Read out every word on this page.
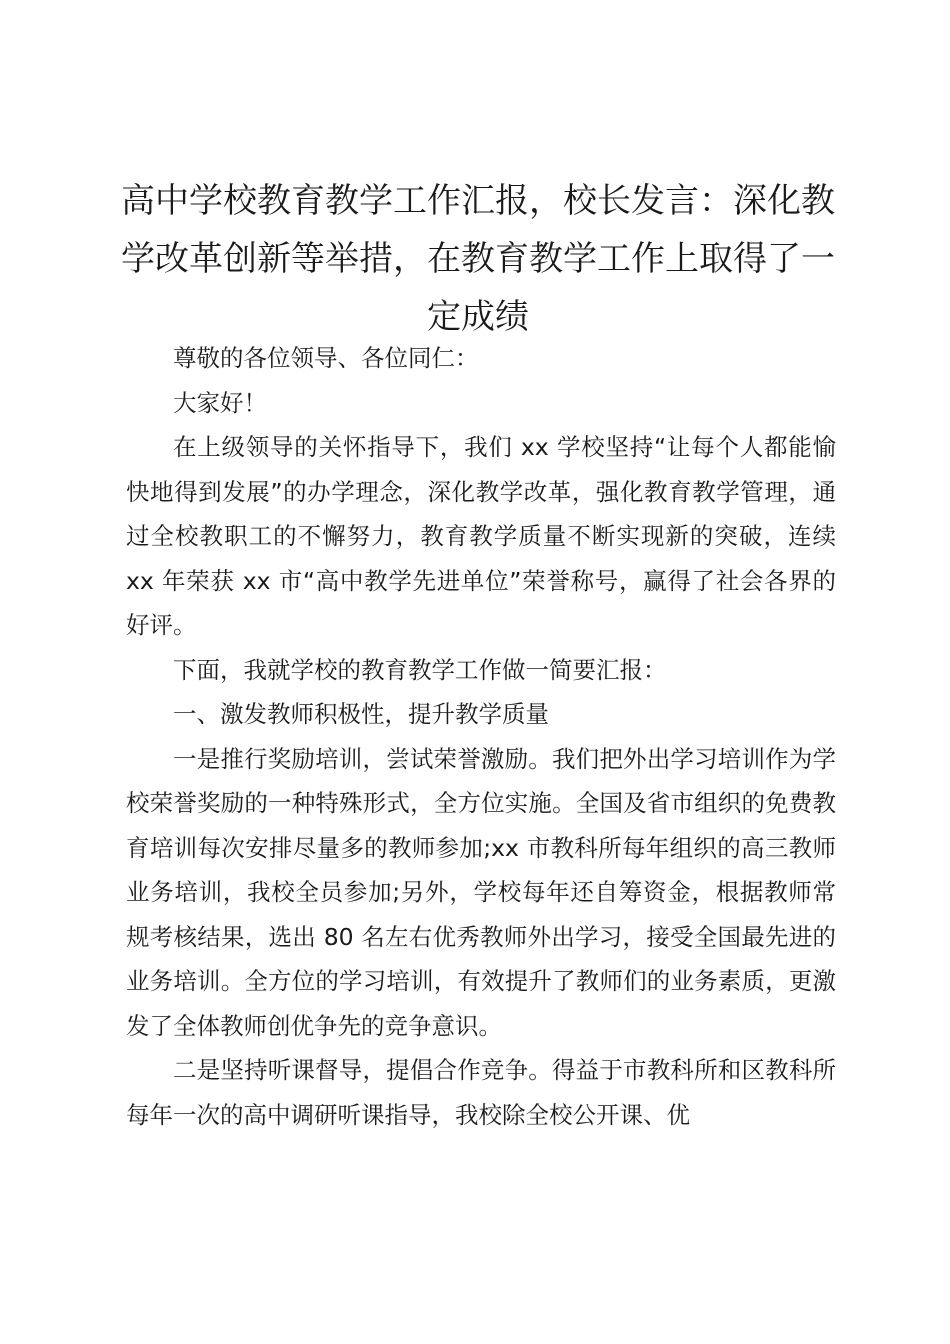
高中学校教育教学工作汇报，校长发言：深化教学改革创新等举措，在教育教学工作上取得了一定成绩

尊敬的各位领导、各位同仁：

大家好！

在上级领导的关怀指导下，我们 xx 学校坚持“让每个人都能愉快地得到发展”的办学理念，深化教学改革，强化教育教学管理，通过全校教职工的不懈努力，教育教学质量不断实现新的突破，连续 xx 年荣获 xx 市“高中教学先进单位”荣誉称号，赢得了社会各界的好评。

下面，我就学校的教育教学工作做一简要汇报：

一、激发教师积极性，提升教学质量

一是推行奖励培训，尝试荣誉激励。我们把外出学习培训作为学校荣誉奖励的一种特殊形式，全方位实施。全国及省市组织的免费教育培训每次安排尽量多的教师参加;xx 市教科所每年组织的高三教师业务培训，我校全员参加;另外，学校每年还自筹资金，根据教师常规考核结果，选出 80 名左右优秀教师外出学习，接受全国最先进的业务培训。全方位的学习培训，有效提升了教师们的业务素质，更激发了全体教师创优争先的竞争意识。

二是坚持听课督导，提倡合作竞争。得益于市教科所和区教科所每年一次的高中调研听课指导，我校除全校公开课、优
